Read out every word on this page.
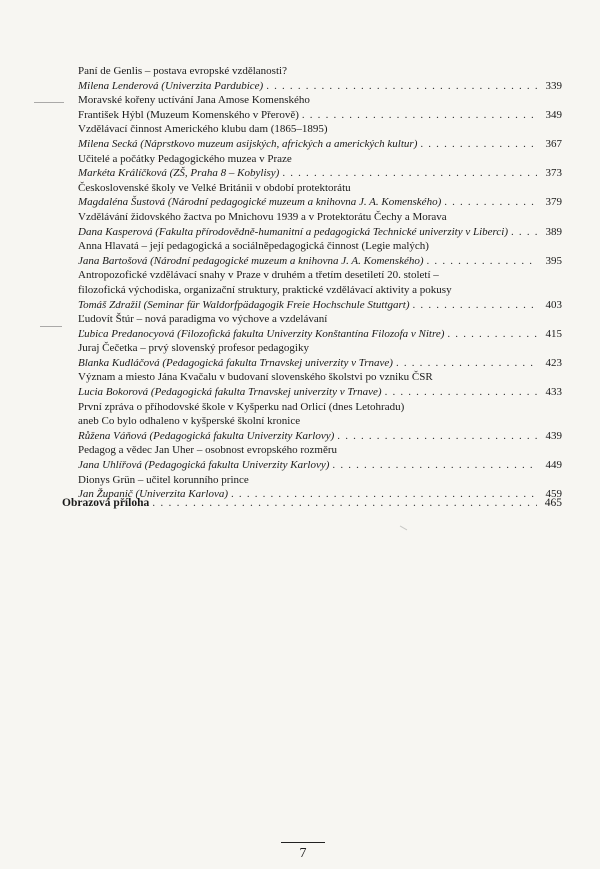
Paní de Genlis – postava evropské vzdělanosti?
Milena Lenderová (Univerzita Pardubice) . . .	339
Moravské kořeny uctívání Jana Amose Komenského
František Hýbl (Muzeum Komenského v Přerově) . . .	349
Vzdělávací činnost Amerického klubu dam (1865–1895)
Milena Secká (Náprstkovo muzeum asijských, afrických a amerických kultur) . . .	367
Učitelé a počátky Pedagogického muzea v Praze
Markéta Králíčková (ZŠ, Praha 8 – Kobylisy) . . .	373
Československé školy ve Velké Británii v období protektorátu
Magdaléna Šustová (Národní pedagogické muzeum a knihovna J. A. Komenského) . . .	379
Vzdělávání židovského žactva po Mnichovu 1939 a v Protektorátu Čechy a Morava
Dana Kasperová (Fakulta přírodovědně-humanitní a pedagogická Technické univerzity v Liberci) . . .	389
Anna Hlavatá – její pedagogická a sociálněpedagogická činnost (Legie malých)
Jana Bartošová (Národní pedagogické muzeum a knihovna J. A. Komenského) . . .	395
Antropozofické vzdělávací snahy v Praze v druhém a třetím desetiletí 20. století –
filozofická východiska, organizační struktury, praktické vzdělávací aktivity a pokusy
Tomáš Zdražil (Seminar für Waldorfpädagogik Freie Hochschule Stuttgart) . . .	403
Ľudovít Štúr – nová paradigma vo výchove a vzdelávaní
Ľubica Predanocyová (Filozofická fakulta Univerzity Konštantína Filozofa v Nitre) . . .	415
Juraj Čečetka – prvý slovenský profesor pedagogiky
Blanka Kudláčová (Pedagogická fakulta Trnavskej univerzity v Trnave) . . .	423
Význam a miesto Jána Kvačalu v budovaní slovenského školstvi po vzniku ČSR
Lucia Bokorová (Pedagogická fakulta Trnavskej univerzity v Trnave) . . .	433
První zpráva o příhodovské škole v Kyšperku nad Orlicí (dnes Letohradu)
aneb Co bylo odhaleno v kyšperské školní kronice
Růžena Váňová (Pedagogická fakulta Univerzity Karlovy) . . .	439
Pedagog a vědec Jan Uher – osobnost evropského rozměru
Jana Uhlířová (Pedagogická fakulta Univerzity Karlovy) . . .	449
Dionys Grün – učitel korunního prince
Jan Županič (Univerzita Karlova) . . .	459
Obrazová příloha . . .	465
7
